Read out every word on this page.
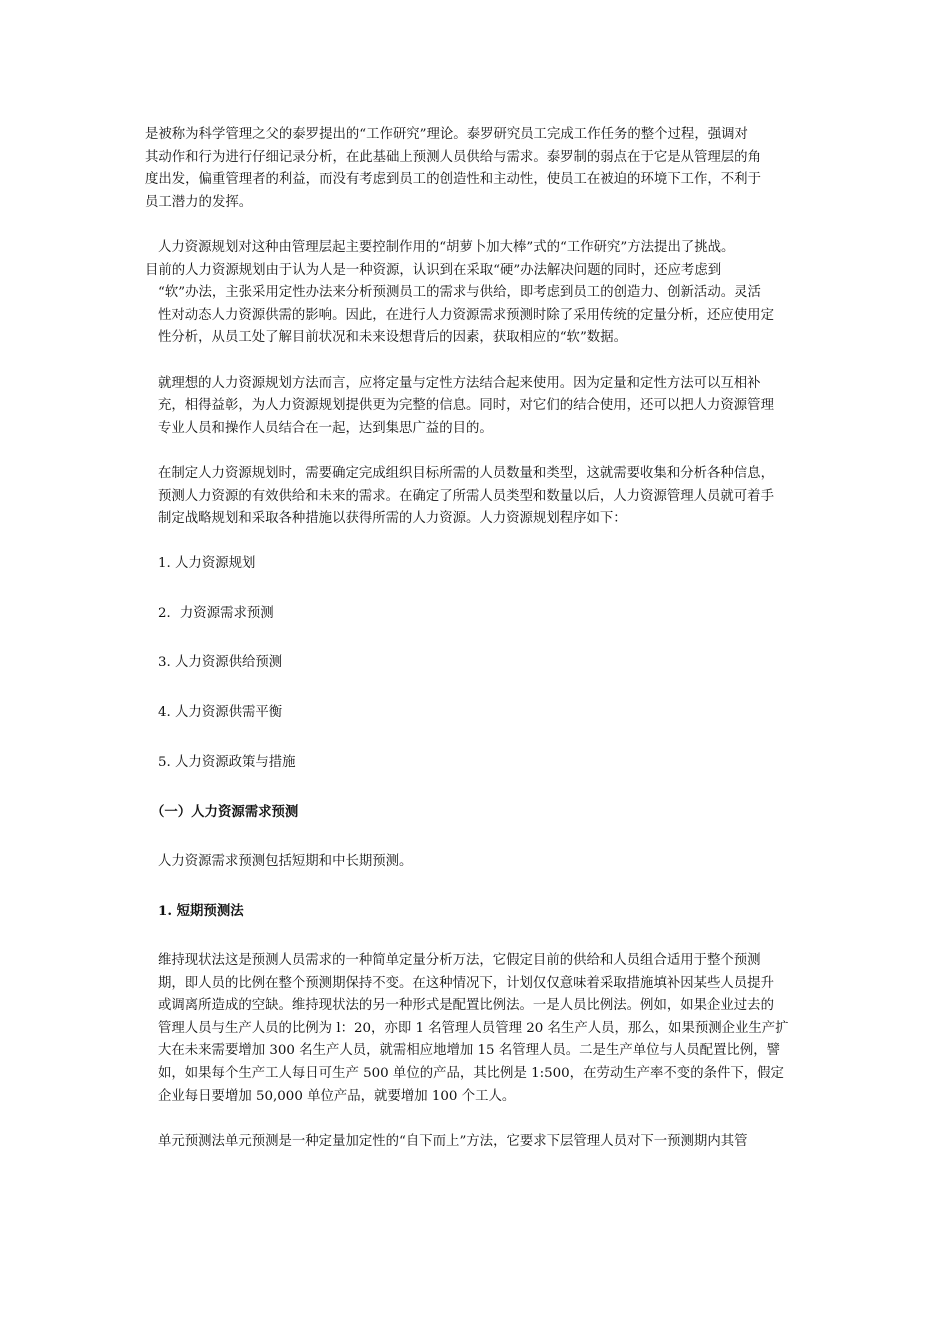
是被称为科学管理之父的泰罗提出的“工作研究”理论。泰罗研究员工完成工作任务的整个过程，强调对
其动作和行为进行仔细记录分析，在此基础上预测人员供给与需求。泰罗制的弱点在于它是从管理层的角
度出发，偏重管理者的利益，而没有考虑到员工的创造性和主动性，使员工在被迫的环境下工作，不利于
员工潜力的发挥。

人力资源规划对这种由管理层起主要控制作用的“胡萝卜加大棒”式的“工作研究”方法提出了挑战。
目前的人力资源规划由于认为人是一种资源，认识到在采取“硬”办法解决问题的同时，还应考虑到
“软”办法，主张采用定性办法来分析预测员工的需求与供给，即考虑到员工的创造力、创新活动。灵活
性对动态人力资源供需的影响。因此，在进行人力资源需求预测时除了采用传统的定量分析，还应使用定
性分析，从员工处了解目前状况和未来设想背后的因素，获取相应的“软”数据。

就理想的人力资源规划方法而言，应将定量与定性方法结合起来使用。因为定量和定性方法可以互相补
充，相得益彰，为人力资源规划提供更为完整的信息。同时，对它们的结合使用，还可以把人力资源管理
专业人员和操作人员结合在一起，达到集思广益的目的。

在制定人力资源规划时，需要确定完成组织目标所需的人员数量和类型，这就需要收集和分析各种信息，
预测人力资源的有效供给和未来的需求。在确定了所需人员类型和数量以后，人力资源管理人员就可着手
制定战略规划和采取各种措施以获得所需的人力资源。人力资源规划程序如下：

1. 人力资源规划

2．力资源需求预测

3. 人力资源供给预测

4. 人力资源供需平衡

5. 人力资源政策与措施

（一）人力资源需求预测

人力资源需求预测包括短期和中长期预测。

1. 短期预测法

维持现状法这是预测人员需求的一种简单定量分析万法，它假定目前的供给和人员组合适用于整个预测
期，即人员的比例在整个预测期保持不变。在这种情况下，计划仅仅意味着采取措施填补因某些人员提升
或调离所造成的空缺。维持现状法的另一种形式是配置比例法。一是人员比例法。例如，如果企业过去的
管理人员与生产人员的比例为 l：20，亦即 1 名管理人员管理 20 名生产人员，那么，如果预测企业生产扩
大在未来需要增加 300 名生产人员，就需相应地增加 15 名管理人员。二是生产单位与人员配置比例，譬
如，如果每个生产工人每日可生产 500 单位的产品，其比例是 1:500，在劳动生产率不变的条件下，假定
企业每日要增加 50,000 单位产品，就要增加 100 个工人。

单元预测法单元预测是一种定量加定性的“自下而上”方法，它要求下层管理人员对下一预测期内其管
